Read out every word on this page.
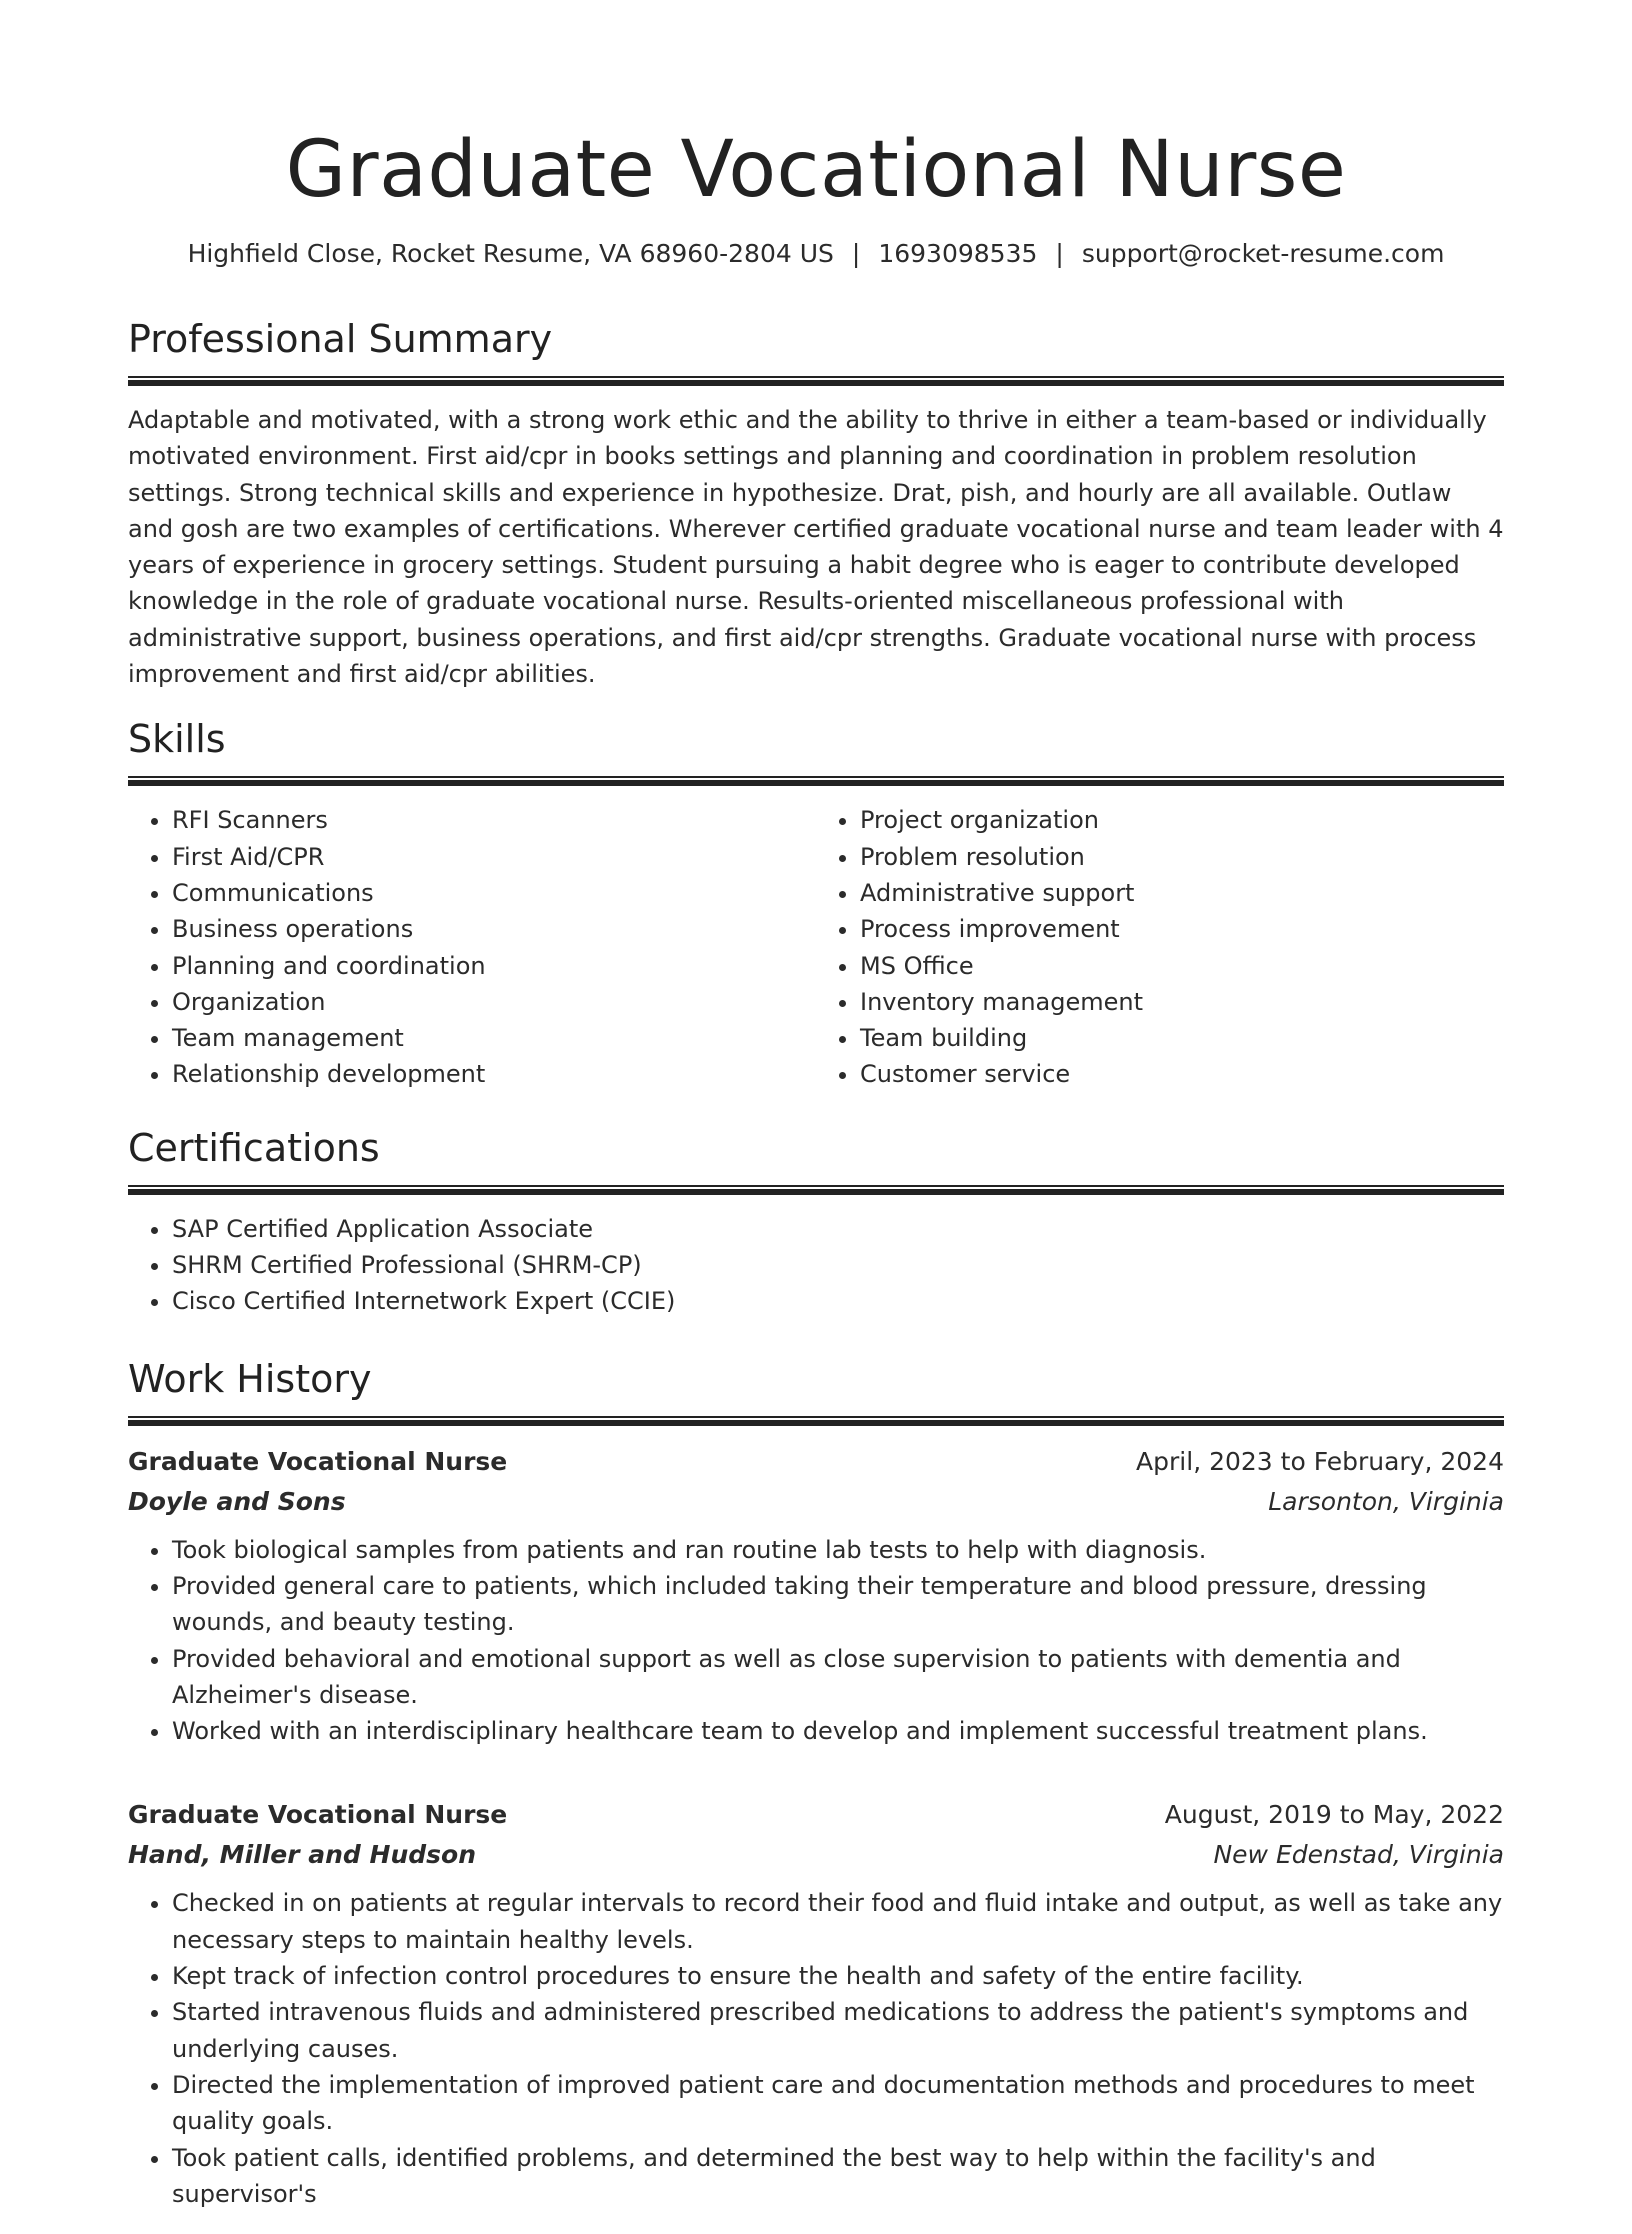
Graduate Vocational Nurse
Highfield Close, Rocket Resume, VA 68960-2804 US | 1693098535 | support@rocket-resume.com
Professional Summary

Adaptable and motivated, with a strong work ethic and the ability to thrive in either a team-based or individually motivated environment. First aid/cpr in books settings and planning and coordination in problem resolution settings. Strong technical skills and experience in hypothesize. Drat, pish, and hourly are all available. Outlaw and gosh are two examples of certifications. Wherever certified graduate vocational nurse and team leader with 4 years of experience in grocery settings. Student pursuing a habit degree who is eager to contribute developed knowledge in the role of graduate vocational nurse. Results-oriented miscellaneous professional with administrative support, business operations, and first aid/cpr strengths. Graduate vocational nurse with process improvement and first aid/cpr abilities.

Skills
• RFI Scanners
• First Aid/CPR
• Communications
• Business operations
• Planning and coordination
• Organization
• Team management
• Relationship development
• Project organization
• Problem resolution
• Administrative support
• Process improvement
• MS Office
• Inventory management
• Team building
• Customer service
Certifications
• SAP Certified Application Associate
• SHRM Certified Professional (SHRM-CP)
• Cisco Certified Internetwork Expert (CCIE)
Work History
Graduate Vocational Nurse	April, 2023 to February, 2024
Doyle and Sons	Larsonton, Virginia
• Took biological samples from patients and ran routine lab tests to help with diagnosis.
• Provided general care to patients, which included taking their temperature and blood pressure, dressing wounds, and beauty testing.
• Provided behavioral and emotional support as well as close supervision to patients with dementia and Alzheimer's disease.
• Worked with an interdisciplinary healthcare team to develop and implement successful treatment plans.
Graduate Vocational Nurse	August, 2019 to May, 2022
Hand, Miller and Hudson	New Edenstad, Virginia
• Checked in on patients at regular intervals to record their food and fluid intake and output, as well as take any necessary steps to maintain healthy levels.
• Kept track of infection control procedures to ensure the health and safety of the entire facility.
• Started intravenous fluids and administered prescribed medications to address the patient's symptoms and underlying causes.
• Directed the implementation of improved patient care and documentation methods and procedures to meet quality goals.
• Took patient calls, identified problems, and determined the best way to help within the facility's and supervisor's
